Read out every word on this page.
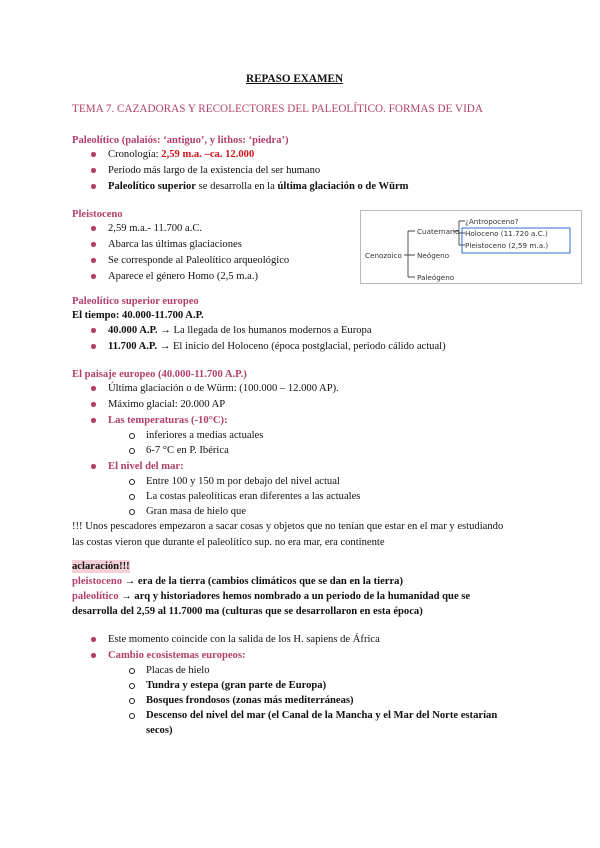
REPASO EXAMEN
TEMA 7. CAZADORAS Y RECOLECTORES DEL PALEOLÍTICO. FORMAS DE VIDA
Paleolítico (palaiós: ‘antiguo’, y lithos: ‘piedra’)
Cronología: 2,59 m.a. –ca. 12.000
Periodo más largo de la existencia del ser humano
Paleolítico superior se desarrolla en la última glaciación o de Würm
Pleistoceno
2,59 m.a.- 11.700 a.C.
Abarca las últimas glaciaciones
Se corresponde al Paleolítico arqueológico
Aparece el género Homo (2,5 m.a.)
Cenozoico
Cuaternario
Neógeno
Paleógeno
¿Antropoceno?
Holoceno (11.720 a.C.)
Pleistoceno (2,59 m.a.)
Paleolítico superior europeo
El tiempo: 40.000-11.700 A.P.
40.000 A.P. → La llegada de los humanos modernos a Europa
11.700 A.P. → El inicio del Holoceno (época postglacial, periodo cálido actual)
El paisaje europeo (40.000-11.700 A.P.)
Última glaciación o de Würm: (100.000 – 12.000 AP).
Máximo glacial: 20.000 AP
Las temperaturas (-10°C):
inferiores a medias actuales
6-7 °C en P. Ibérica
El nivel del mar:
Entre 100 y 150 m por debajo del nivel actual
La costas paleolíticas eran diferentes a las actuales
Gran masa de hielo que
!!! Unos pescadores empezaron a sacar cosas y objetos que no tenían que estar en el mar y estudiando
las costas vieron que durante el paleolítico sup. no era mar, era continente
aclaración!!!
pleistoceno → era de la tierra (cambios climáticos que se dan en la tierra)
paleolítico → arq y historiadores hemos nombrado a un periodo de la humanidad que se
desarrolla del 2,59 al 11.7000 ma (culturas que se desarrollaron en esta época)
Este momento coincide con la salida de los H. sapiens de África
Cambio ecosistemas europeos:
Placas de hielo
Tundra y estepa (gran parte de Europa)
Bosques frondosos (zonas más mediterráneas)
Descenso del nivel del mar (el Canal de la Mancha y el Mar del Norte estarían
secos)
